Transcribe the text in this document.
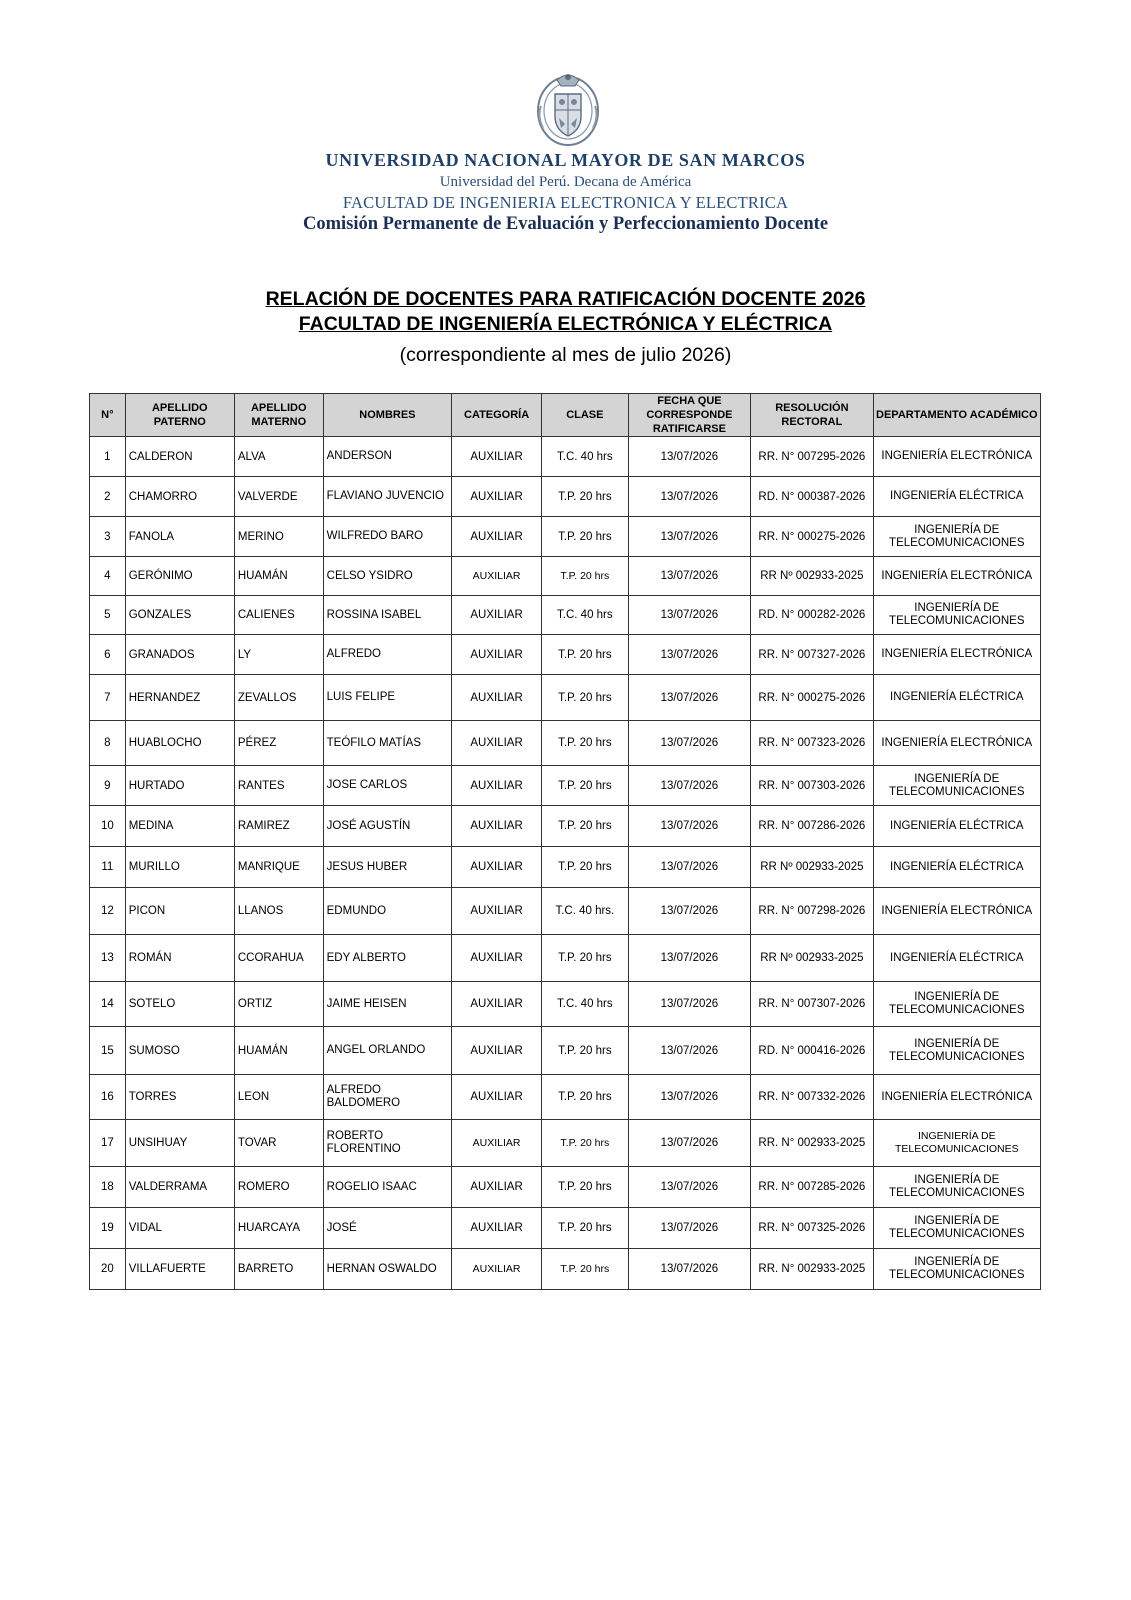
UNIVERSIDAD NACIONAL MAYOR DE SAN MARCOS
Universidad del Perú. Decana de América
FACULTAD DE INGENIERIA ELECTRONICA Y ELECTRICA
Comisión Permanente de Evaluación y Perfeccionamiento Docente
RELACIÓN DE DOCENTES PARA RATIFICACIÓN DOCENTE 2026
FACULTAD DE INGENIERÍA ELECTRÓNICA Y ELÉCTRICA
(correspondiente al mes de julio 2026)
N°	APELLIDO PATERNO	APELLIDO MATERNO	NOMBRES	CATEGORÍA	CLASE	FECHA QUE CORRESPONDE RATIFICARSE	RESOLUCIÓN RECTORAL	DEPARTAMENTO ACADÉMICO
1	CALDERON	ALVA	ANDERSON	AUXILIAR	T.C. 40 hrs	13/07/2026	RR. N° 007295-2026	INGENIERÍA ELECTRÓNICA
2	CHAMORRO	VALVERDE	FLAVIANO JUVENCIO	AUXILIAR	T.P. 20 hrs	13/07/2026	RD. N° 000387-2026	INGENIERÍA ELÉCTRICA
3	FANOLA	MERINO	WILFREDO BARO	AUXILIAR	T.P. 20 hrs	13/07/2026	RR. N° 000275-2026	INGENIERÍA DE TELECOMUNICACIONES
4	GERÓNIMO	HUAMÁN	CELSO YSIDRO	AUXILIAR	T.P. 20 hrs	13/07/2026	RR Nº 002933-2025	INGENIERÍA ELECTRÓNICA
5	GONZALES	CALIENES	ROSSINA ISABEL	AUXILIAR	T.C. 40 hrs	13/07/2026	RD. N° 000282-2026	INGENIERÍA DE TELECOMUNICACIONES
6	GRANADOS	LY	ALFREDO	AUXILIAR	T.P. 20 hrs	13/07/2026	RR. N° 007327-2026	INGENIERÍA ELECTRÓNICA
7	HERNANDEZ	ZEVALLOS	LUIS FELIPE	AUXILIAR	T.P. 20 hrs	13/07/2026	RR. N° 000275-2026	INGENIERÍA ELÉCTRICA
8	HUABLOCHO	PÉREZ	TEÓFILO MATÍAS	AUXILIAR	T.P. 20 hrs	13/07/2026	RR. N° 007323-2026	INGENIERÍA ELECTRÓNICA
9	HURTADO	RANTES	JOSE CARLOS	AUXILIAR	T.P. 20 hrs	13/07/2026	RR. N° 007303-2026	INGENIERÍA DE TELECOMUNICACIONES
10	MEDINA	RAMIREZ	JOSÉ AGUSTÍN	AUXILIAR	T.P. 20 hrs	13/07/2026	RR. N° 007286-2026	INGENIERÍA ELÉCTRICA
11	MURILLO	MANRIQUE	JESUS HUBER	AUXILIAR	T.P. 20 hrs	13/07/2026	RR Nº 002933-2025	INGENIERÍA ELÉCTRICA
12	PICON	LLANOS	EDMUNDO	AUXILIAR	T.C. 40 hrs.	13/07/2026	RR. N° 007298-2026	INGENIERÍA ELECTRÓNICA
13	ROMÁN	CCORAHUA	EDY ALBERTO	AUXILIAR	T.P. 20 hrs	13/07/2026	RR Nº 002933-2025	INGENIERÍA ELÉCTRICA
14	SOTELO	ORTIZ	JAIME HEISEN	AUXILIAR	T.C. 40 hrs	13/07/2026	RR. N° 007307-2026	INGENIERÍA DE TELECOMUNICACIONES
15	SUMOSO	HUAMÁN	ANGEL ORLANDO	AUXILIAR	T.P. 20 hrs	13/07/2026	RD. N° 000416-2026	INGENIERÍA DE TELECOMUNICACIONES
16	TORRES	LEON	ALFREDO BALDOMERO	AUXILIAR	T.P. 20 hrs	13/07/2026	RR. N° 007332-2026	INGENIERÍA ELECTRÓNICA
17	UNSIHUAY	TOVAR	ROBERTO FLORENTINO	AUXILIAR	T.P. 20 hrs	13/07/2026	RR. N° 002933-2025	INGENIERÍA DE TELECOMUNICACIONES
18	VALDERRAMA	ROMERO	ROGELIO ISAAC	AUXILIAR	T.P. 20 hrs	13/07/2026	RR. N° 007285-2026	INGENIERÍA DE TELECOMUNICACIONES
19	VIDAL	HUARCAYA	JOSÉ	AUXILIAR	T.P. 20 hrs	13/07/2026	RR. N° 007325-2026	INGENIERÍA DE TELECOMUNICACIONES
20	VILLAFUERTE	BARRETO	HERNAN OSWALDO	AUXILIAR	T.P. 20 hrs	13/07/2026	RR. N° 002933-2025	INGENIERÍA DE TELECOMUNICACIONES
